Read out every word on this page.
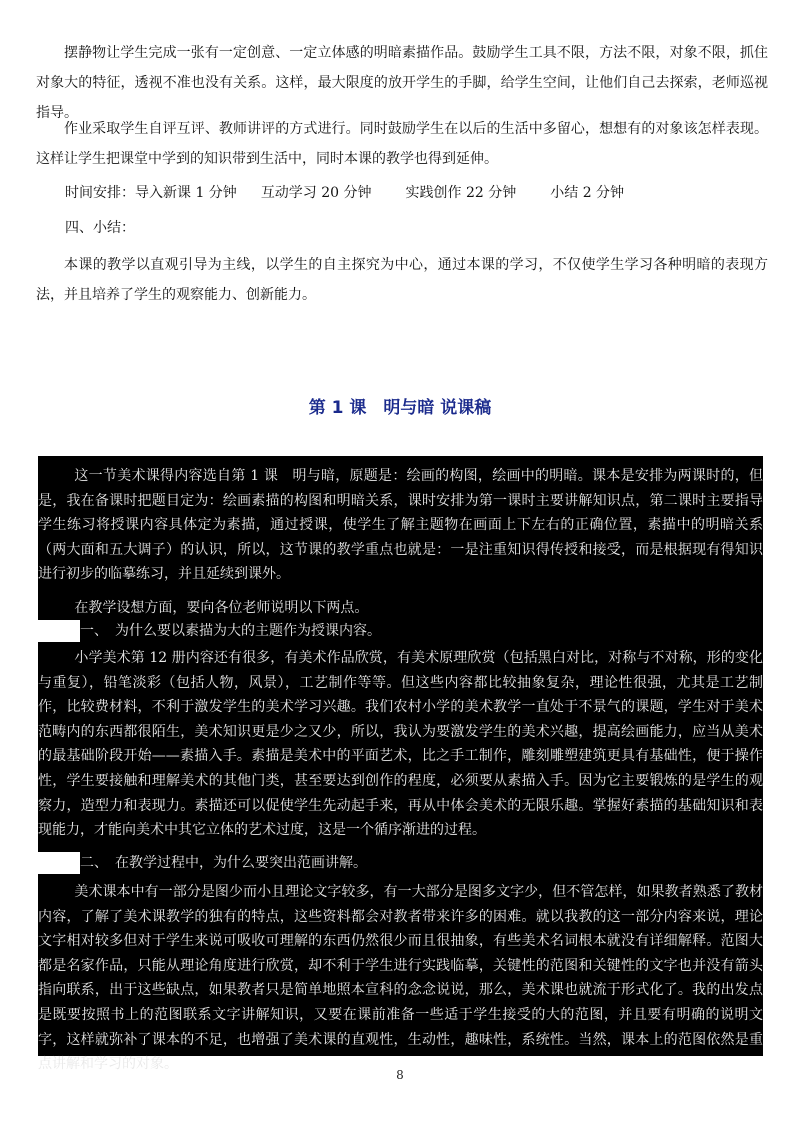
摆静物让学生完成一张有一定创意、一定立体感的明暗素描作品。鼓励学生工具不限，方法不限，对象不限，抓住对象大的特征，透视不准也没有关系。这样，最大限度的放开学生的手脚，给学生空间，让他们自己去探索，老师巡视指导。

作业采取学生自评互评、教师讲评的方式进行。同时鼓励学生在以后的生活中多留心，想想有的对象该怎样表现。这样让学生把课堂中学到的知识带到生活中，同时本课的教学也得到延伸。

时间安排：导入新课 1 分钟 互动学习 20 分钟 实践创作 22 分钟 小结 2 分钟

四、小结：

本课的教学以直观引导为主线，以学生的自主探究为中心，通过本课的学习，不仅使学生学习各种明暗的表现方法，并且培养了学生的观察能力、创新能力。

第 1 课　明与暗 说课稿

这一节美术课得内容选自第 1 课　明与暗，原题是：绘画的构图，绘画中的明暗。课本是安排为两课时的，但是，我在备课时把题目定为：绘画素描的构图和明暗关系，课时安排为第一课时主要讲解知识点，第二课时主要指导学生练习将授课内容具体定为素描，通过授课，使学生了解主题物在画面上下左右的正确位置，素描中的明暗关系（两大面和五大调子）的认识，所以，这节课的教学重点也就是：一是注重知识得传授和接受，而是根据现有得知识进行初步的临摹练习，并且延续到课外。

在教学设想方面，要向各位老师说明以下两点。

一、　为什么要以素描为大的主题作为授课内容。

小学美术第 12 册内容还有很多，有美术作品欣赏，有美术原理欣赏（包括黑白对比，对称与不对称，形的变化与重复），铅笔淡彩（包括人物，风景），工艺制作等等。但这些内容都比较抽象复杂，理论性很强，尤其是工艺制作，比较费材料，不利于激发学生的美术学习兴趣。我们农村小学的美术教学一直处于不景气的课题，学生对于美术范畴内的东西都很陌生，美术知识更是少之又少，所以，我认为要激发学生的美术兴趣，提高绘画能力，应当从美术的最基础阶段开始——素描入手。素描是美术中的平面艺术，比之手工制作，雕刻雕塑建筑更具有基础性，便于操作性，学生要接触和理解美术的其他门类，甚至要达到创作的程度，必须要从素描入手。因为它主要锻炼的是学生的观察力，造型力和表现力。素描还可以促使学生先动起手来，再从中体会美术的无限乐趣。掌握好素描的基础知识和表现能力，才能向美术中其它立体的艺术过度，这是一个循序渐进的过程。

二、　在教学过程中，为什么要突出范画讲解。

美术课本中有一部分是图少而小且理论文字较多，有一大部分是图多文字少，但不管怎样，如果教者熟悉了教材内容，了解了美术课教学的独有的特点，这些资料都会对教者带来许多的困难。就以我教的这一部分内容来说，理论文字相对较多但对于学生来说可吸收可理解的东西仍然很少而且很抽象，有些美术名词根本就没有详细解释。范图大都是名家作品，只能从理论角度进行欣赏，却不利于学生进行实践临摹，关键性的范图和关键性的文字也并没有箭头指向联系，出于这些缺点，如果教者只是简单地照本宣科的念念说说，那么，美术课也就流于形式化了。我的出发点是既要按照书上的范图联系文字讲解知识，又要在课前准备一些适于学生接受的大的范图，并且要有明确的说明文字，这样就弥补了课本的不足，也增强了美术课的直观性，生动性，趣味性，系统性。当然，课本上的范图依然是重点讲解和学习的对象。

8
